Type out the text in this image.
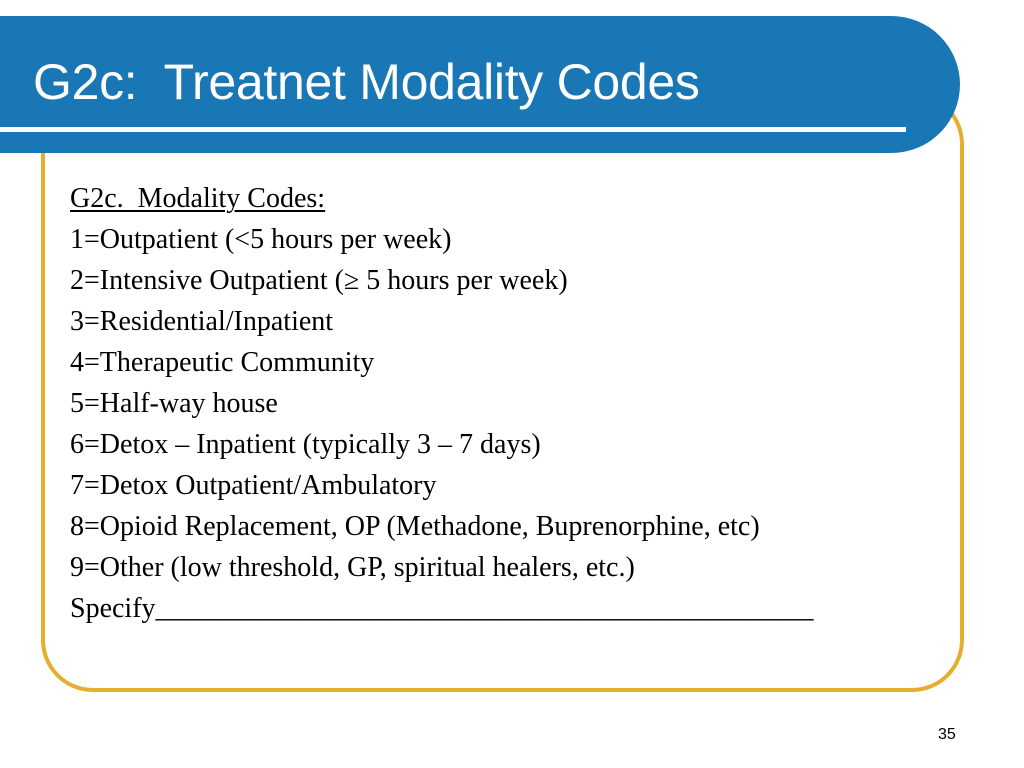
G2c:  Treatnet Modality Codes
G2c.  Modality Codes:
1=Outpatient (<5 hours per week)
2=Intensive Outpatient (≥ 5 hours per week)
3=Residential/Inpatient
4=Therapeutic Community
5=Half-way house
6=Detox – Inpatient (typically 3 – 7 days)
7=Detox Outpatient/Ambulatory
8=Opioid Replacement, OP (Methadone, Buprenorphine, etc)
9=Other (low threshold, GP, spiritual healers, etc.)
Specify_______________________________________________
35
